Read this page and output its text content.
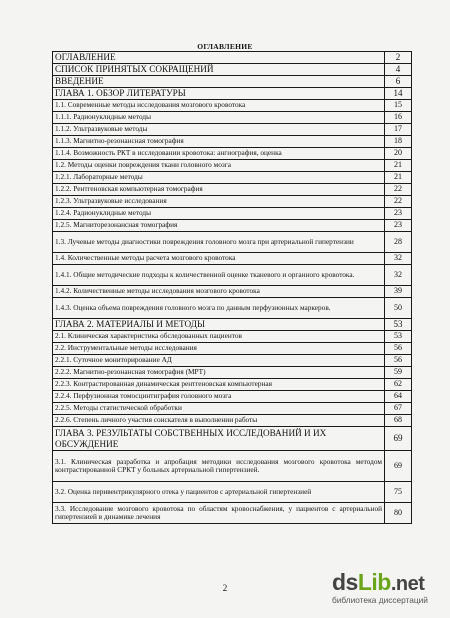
ОГЛАВЛЕНИЕ
ОГЛАВЛЕНИЕ	2
СПИСОК ПРИНЯТЫХ СОКРАЩЕНИЙ	4
ВВЕДЕНИЕ	6
ГЛАВА 1. ОБЗОР ЛИТЕРАТУРЫ	14
1.1. Современные методы исследования мозгового кровотока	15
1.1.1. Радионуклидные методы	16
1.1.2. Ультразвуковые методы	17
1.1.3. Магнитно-резонансная томография	18
1.1.4. Возможность РКТ в исследовании кровотока: ангиография, оценка	20
1.2. Методы оценки повреждения ткани головного мозга	21
1.2.1. Лабораторные методы	21
1.2.2. Рентгеновская компьютерная томография	22
1.2.3. Ультразвуковые исследования	22
1.2.4. Радионуклидные методы	23
1.2.5. Магнитоpезонансная томография	23
1.3. Лучевые методы диагностики повреждения головного мозга при артериальной гипертензии	28
1.4. Количественные методы расчета мозгового кровотока	32
1.4.1. Общие методические подходы к количественной оценке тканевого и органного кровотока.	32
1.4.2. Количественные методы исследования мозгового кровотока	39
1.4.3. Оценка объема повреждения головного мозга по данным перфузионных маркеров.	50
ГЛАВА 2. МАТЕРИАЛЫ И МЕТОДЫ	53
2.1. Клиническая характеристика обследованных пациентов	53
2.2. Инструментальные методы исследования	56
2.2.1. Суточное мониторирование АД	56
2.2.2. Магнитно-резонансная томография (МРТ)	59
2.2.3. Контрастированная динамическая рентгеновская компьютерная	62
2.2.4. Перфузионная томосцинтиграфия головного мозга	64
2.2.5. Методы статистической обработки	67
2.2.6. Степень личного участия соискателя в выполнении работы	68
ГЛАВА 3. РЕЗУЛЬТАТЫ СОБСТВЕННЫХ ИССЛЕДОВАНИЙ И ИХ ОБСУЖДЕНИЕ	69
3.1. Клиническая разработка и апробация методики исследования мозгового кровотока методом контрастированной СРКТ у больных артериальной гипертензией.	69
3.2. Оценка перивентрикулярного отека у пациентов с артериальной гипертензией	75
3.3. Исследование мозгового кровотока по областям кровоснабжения, у пациентов с артериальной гипертензией в динамике лечения	80
2	dsLib.net
библиотека диссертаций
